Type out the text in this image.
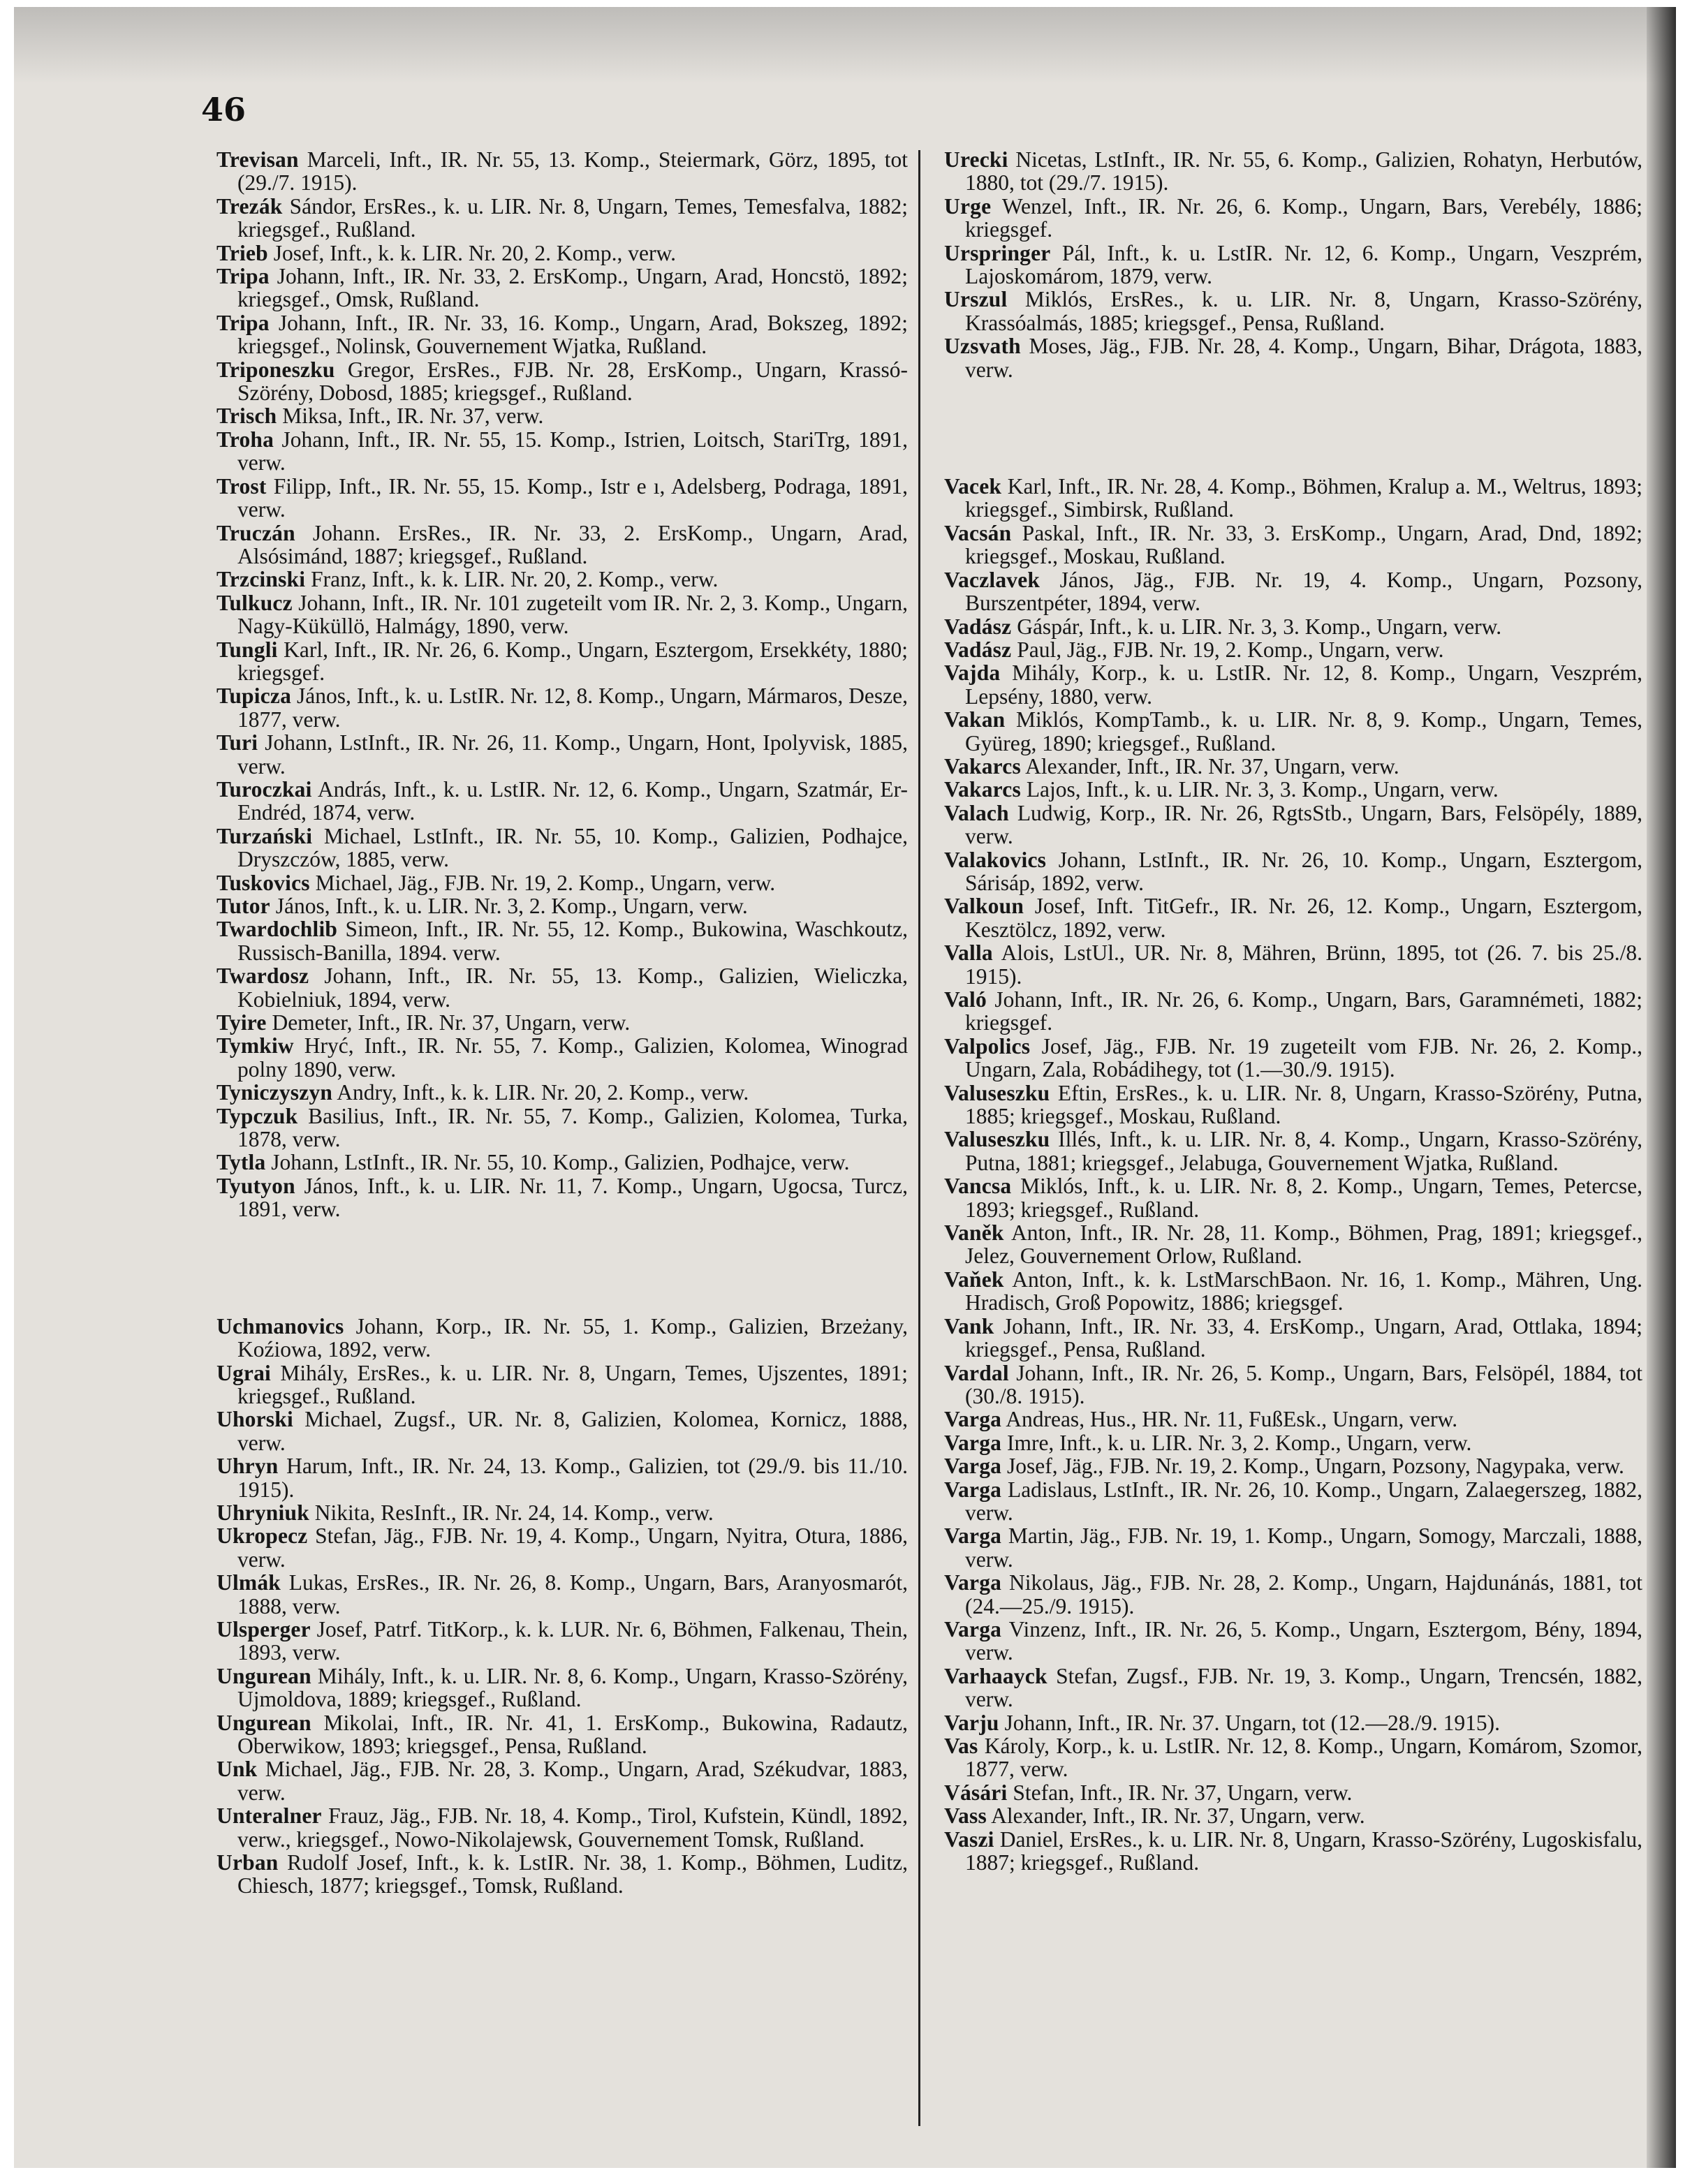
46

Trevisan Marceli, Inft., IR. Nr. 55, 13. Komp., Steiermark, Görz, 1895, tot (29./7. 1915).

Trezák Sándor, ErsRes., k. u. LIR. Nr. 8, Ungarn, Temes, Temesfalva, 1882; kriegsgef., Rußland.

Trieb Josef, Inft., k. k. LIR. Nr. 20, 2. Komp., verw.

Tripa Johann, Inft., IR. Nr. 33, 2. ErsKomp., Ungarn, Arad, Honcstö, 1892; kriegsgef., Omsk, Rußland.

Tripa Johann, Inft., IR. Nr. 33, 16. Komp., Ungarn, Arad, Bokszeg, 1892; kriegsgef., Nolinsk, Gouvernement Wjatka, Rußland.

Triponeszku Gregor, ErsRes., FJB. Nr. 28, ErsKomp., Ungarn, Krassó-Szörény, Dobosd, 1885; kriegsgef., Rußland.

Trisch Miksa, Inft., IR. Nr. 37, verw.

Troha Johann, Inft., IR. Nr. 55, 15. Komp., Istrien, Loitsch, StariTrg, 1891, verw.

Trost Filipp, Inft., IR. Nr. 55, 15. Komp., Istr e ı, Adelsberg, Podraga, 1891, verw.

Truczán Johann. ErsRes., IR. Nr. 33, 2. ErsKomp., Ungarn, Arad, Alsósimánd, 1887; kriegsgef., Rußland.

Trzcinski Franz, Inft., k. k. LIR. Nr. 20, 2. Komp., verw.

Tulkucz Johann, Inft., IR. Nr. 101 zugeteilt vom IR. Nr. 2, 3. Komp., Ungarn, Nagy-Küküllö, Halmágy, 1890, verw.

Tungli Karl, Inft., IR. Nr. 26, 6. Komp., Ungarn, Esztergom, Ersekkéty, 1880; kriegsgef.

Tupicza János, Inft., k. u. LstIR. Nr. 12, 8. Komp., Ungarn, Mármaros, Desze, 1877, verw.

Turi Johann, LstInft., IR. Nr. 26, 11. Komp., Ungarn, Hont, Ipolyvisk, 1885, verw.

Turoczkai András, Inft., k. u. LstIR. Nr. 12, 6. Komp., Ungarn, Szatmár, Er-Endréd, 1874, verw.

Turzański Michael, LstInft., IR. Nr. 55, 10. Komp., Galizien, Podhajce, Dryszczów, 1885, verw.

Tuskovics Michael, Jäg., FJB. Nr. 19, 2. Komp., Ungarn, verw.

Tutor János, Inft., k. u. LIR. Nr. 3, 2. Komp., Ungarn, verw.

Twardochlib Simeon, Inft., IR. Nr. 55, 12. Komp., Bukowina, Waschkoutz, Russisch-Banilla, 1894. verw.

Twardosz Johann, Inft., IR. Nr. 55, 13. Komp., Galizien, Wieliczka, Kobielniuk, 1894, verw.

Tyire Demeter, Inft., IR. Nr. 37, Ungarn, verw.

Tymkiw Hryć, Inft., IR. Nr. 55, 7. Komp., Galizien, Kolomea, Winograd polny 1890, verw.

Tyniczyszyn Andry, Inft., k. k. LIR. Nr. 20, 2. Komp., verw.

Typczuk Basilius, Inft., IR. Nr. 55, 7. Komp., Galizien, Kolomea, Turka, 1878, verw.

Tytla Johann, LstInft., IR. Nr. 55, 10. Komp., Galizien, Podhajce, verw.

Tyutyon János, Inft., k. u. LIR. Nr. 11, 7. Komp., Ungarn, Ugocsa, Turcz, 1891, verw.

Uchmanovics Johann, Korp., IR. Nr. 55, 1. Komp., Galizien, Brzeżany, Koźiowa, 1892, verw.

Ugrai Mihály, ErsRes., k. u. LIR. Nr. 8, Ungarn, Temes, Ujszentes, 1891; kriegsgef., Rußland.

Uhorski Michael, Zugsf., UR. Nr. 8, Galizien, Kolomea, Kornicz, 1888, verw.

Uhryn Harum, Inft., IR. Nr. 24, 13. Komp., Galizien, tot (29./9. bis 11./10. 1915).

Uhryniuk Nikita, ResInft., IR. Nr. 24, 14. Komp., verw.

Ukropecz Stefan, Jäg., FJB. Nr. 19, 4. Komp., Ungarn, Nyitra, Otura, 1886, verw.

Ulmák Lukas, ErsRes., IR. Nr. 26, 8. Komp., Ungarn, Bars, Aranyosmarót, 1888, verw.

Ulsperger Josef, Patrf. TitKorp., k. k. LUR. Nr. 6, Böhmen, Falkenau, Thein, 1893, verw.

Ungurean Mihály, Inft., k. u. LIR. Nr. 8, 6. Komp., Ungarn, Krasso-Szörény, Ujmoldova, 1889; kriegsgef., Rußland.

Ungurean Mikolai, Inft., IR. Nr. 41, 1. ErsKomp., Bukowina, Radautz, Oberwikow, 1893; kriegsgef., Pensa, Rußland.

Unk Michael, Jäg., FJB. Nr. 28, 3. Komp., Ungarn, Arad, Székudvar, 1883, verw.

Unteralner Frauz, Jäg., FJB. Nr. 18, 4. Komp., Tirol, Kufstein, Kündl, 1892, verw., kriegsgef., Nowo-Nikolajewsk, Gouvernement Tomsk, Rußland.

Urban Rudolf Josef, Inft., k. k. LstIR. Nr. 38, 1. Komp., Böhmen, Luditz, Chiesch, 1877; kriegsgef., Tomsk, Rußland.

Urecki Nicetas, LstInft., IR. Nr. 55, 6. Komp., Galizien, Rohatyn, Herbutów, 1880, tot (29./7. 1915).

Urge Wenzel, Inft., IR. Nr. 26, 6. Komp., Ungarn, Bars, Verebély, 1886; kriegsgef.

Urspringer Pál, Inft., k. u. LstIR. Nr. 12, 6. Komp., Ungarn, Veszprém, Lajoskomárom, 1879, verw.

Urszul Miklós, ErsRes., k. u. LIR. Nr. 8, Ungarn, Krasso-Szörény, Krassóalmás, 1885; kriegsgef., Pensa, Rußland.

Uzsvath Moses, Jäg., FJB. Nr. 28, 4. Komp., Ungarn, Bihar, Drágota, 1883, verw.

Vacek Karl, Inft., IR. Nr. 28, 4. Komp., Böhmen, Kralup a. M., Weltrus, 1893; kriegsgef., Simbirsk, Rußland.

Vacsán Paskal, Inft., IR. Nr. 33, 3. ErsKomp., Ungarn, Arad, Dnd, 1892; kriegsgef., Moskau, Rußland.

Vaczlavek János, Jäg., FJB. Nr. 19, 4. Komp., Ungarn, Pozsony, Burszentpéter, 1894, verw.

Vadász Gáspár, Inft., k. u. LIR. Nr. 3, 3. Komp., Ungarn, verw.

Vadász Paul, Jäg., FJB. Nr. 19, 2. Komp., Ungarn, verw.

Vajda Mihály, Korp., k. u. LstIR. Nr. 12, 8. Komp., Ungarn, Veszprém, Lepsény, 1880, verw.

Vakan Miklós, KompTamb., k. u. LIR. Nr. 8, 9. Komp., Ungarn, Temes, Gyüreg, 1890; kriegsgef., Rußland.

Vakarcs Alexander, Inft., IR. Nr. 37, Ungarn, verw.

Vakarcs Lajos, Inft., k. u. LIR. Nr. 3, 3. Komp., Ungarn, verw.

Valach Ludwig, Korp., IR. Nr. 26, RgtsStb., Ungarn, Bars, Felsöpély, 1889, verw.

Valakovics Johann, LstInft., IR. Nr. 26, 10. Komp., Ungarn, Esztergom, Sárisáp, 1892, verw.

Valkoun Josef, Inft. TitGefr., IR. Nr. 26, 12. Komp., Ungarn, Esztergom, Kesztölcz, 1892, verw.

Valla Alois, LstUl., UR. Nr. 8, Mähren, Brünn, 1895, tot (26. 7. bis 25./8. 1915).

Való Johann, Inft., IR. Nr. 26, 6. Komp., Ungarn, Bars, Garamnémeti, 1882; kriegsgef.

Valpolics Josef, Jäg., FJB. Nr. 19 zugeteilt vom FJB. Nr. 26, 2. Komp., Ungarn, Zala, Robádihegy, tot (1.—30./9. 1915).

Valuseszku Eftin, ErsRes., k. u. LIR. Nr. 8, Ungarn, Krasso-Szörény, Putna, 1885; kriegsgef., Moskau, Rußland.

Valuseszku Illés, Inft., k. u. LIR. Nr. 8, 4. Komp., Ungarn, Krasso-Szörény, Putna, 1881; kriegsgef., Jelabuga, Gouvernement Wjatka, Rußland.

Vancsa Miklós, Inft., k. u. LIR. Nr. 8, 2. Komp., Ungarn, Temes, Petercse, 1893; kriegsgef., Rußland.

Vaněk Anton, Inft., IR. Nr. 28, 11. Komp., Böhmen, Prag, 1891; kriegsgef., Jelez, Gouvernement Orlow, Rußland.

Vaňek Anton, Inft., k. k. LstMarschBaon. Nr. 16, 1. Komp., Mähren, Ung. Hradisch, Groß Popowitz, 1886; kriegsgef.

Vank Johann, Inft., IR. Nr. 33, 4. ErsKomp., Ungarn, Arad, Ottlaka, 1894; kriegsgef., Pensa, Rußland.

Vardal Johann, Inft., IR. Nr. 26, 5. Komp., Ungarn, Bars, Felsöpél, 1884, tot (30./8. 1915).

Varga Andreas, Hus., HR. Nr. 11, FußEsk., Ungarn, verw.

Varga Imre, Inft., k. u. LIR. Nr. 3, 2. Komp., Ungarn, verw.

Varga Josef, Jäg., FJB. Nr. 19, 2. Komp., Ungarn, Pozsony, Nagypaka, verw.

Varga Ladislaus, LstInft., IR. Nr. 26, 10. Komp., Ungarn, Zalaegerszeg, 1882, verw.

Varga Martin, Jäg., FJB. Nr. 19, 1. Komp., Ungarn, Somogy, Marczali, 1888, verw.

Varga Nikolaus, Jäg., FJB. Nr. 28, 2. Komp., Ungarn, Hajdunánás, 1881, tot (24.—25./9. 1915).

Varga Vinzenz, Inft., IR. Nr. 26, 5. Komp., Ungarn, Esztergom, Bény, 1894, verw.

Varhaayck Stefan, Zugsf., FJB. Nr. 19, 3. Komp., Ungarn, Trencsén, 1882, verw.

Varju Johann, Inft., IR. Nr. 37. Ungarn, tot (12.—28./9. 1915).

Vas Károly, Korp., k. u. LstIR. Nr. 12, 8. Komp., Ungarn, Komárom, Szomor, 1877, verw.

Vásári Stefan, Inft., IR. Nr. 37, Ungarn, verw.

Vass Alexander, Inft., IR. Nr. 37, Ungarn, verw.

Vaszi Daniel, ErsRes., k. u. LIR. Nr. 8, Ungarn, Krasso-Szörény, Lugoskisfalu, 1887; kriegsgef., Rußland.
